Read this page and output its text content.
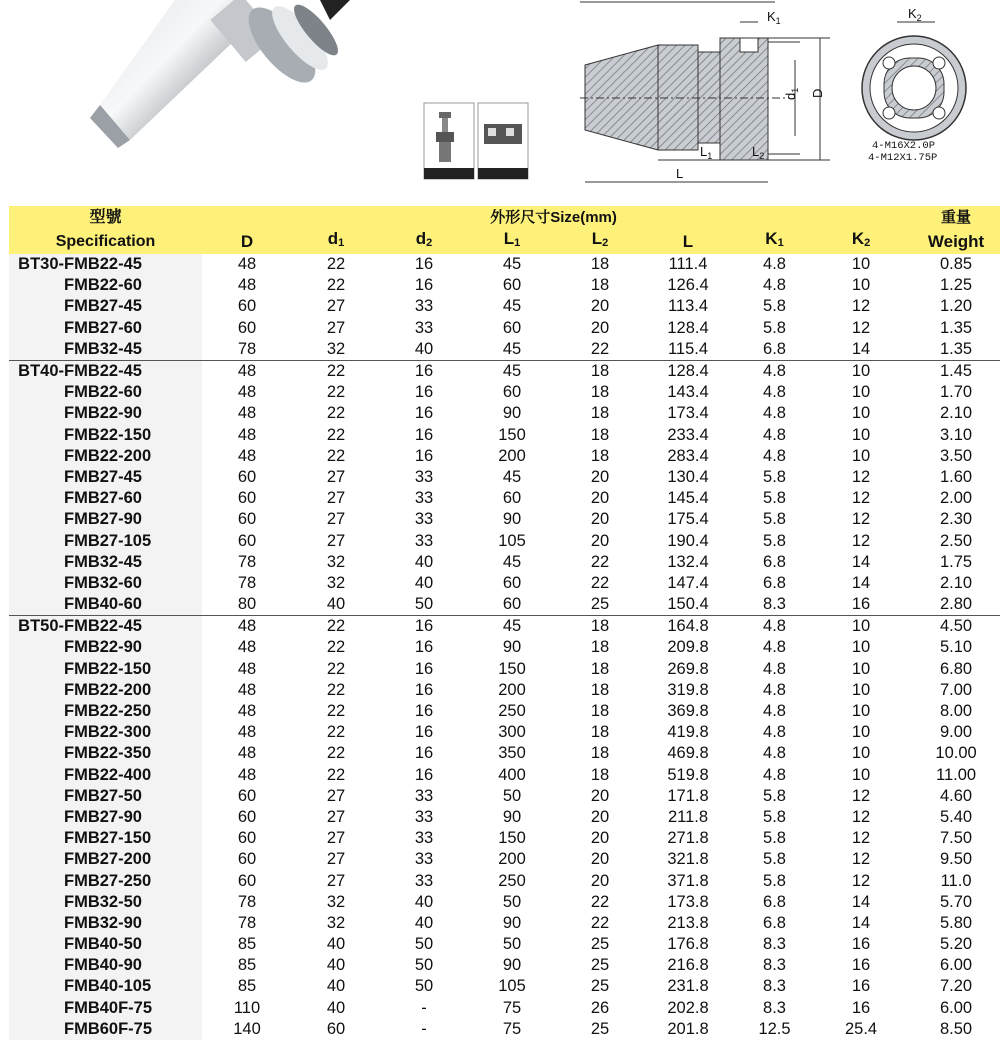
$K_1$
$d_1$ D
$L_1$	$L_2$
L
$K_2$
4-M16X2.0P
4-M12X1.75P
型號	外形尺寸Size(mm)								重量
Specification	D	$d_1$	$d_2$	$L_1$	$L_2$	L	$K_1$	$K_2$	Weight
BT30-FMB22-45	48	22	16	45	18	111.4	4.8	10	0.85
FMB22-60	48	22	16	60	18	126.4	4.8	10	1.25
FMB27-45	60	27	33	45	20	113.4	5.8	12	1.20
FMB27-60	60	27	33	60	20	128.4	5.8	12	1.35
FMB32-45	78	32	40	45	22	115.4	6.8	14	1.35
BT40-FMB22-45	48	22	16	45	18	128.4	4.8	10	1.45
FMB22-60	48	22	16	60	18	143.4	4.8	10	1.70
FMB22-90	48	22	16	90	18	173.4	4.8	10	2.10
FMB22-150	48	22	16	150	18	233.4	4.8	10	3.10
FMB22-200	48	22	16	200	18	283.4	4.8	10	3.50
FMB27-45	60	27	33	45	20	130.4	5.8	12	1.60
FMB27-60	60	27	33	60	20	145.4	5.8	12	2.00
FMB27-90	60	27	33	90	20	175.4	5.8	12	2.30
FMB27-105	60	27	33	105	20	190.4	5.8	12	2.50
FMB32-45	78	32	40	45	22	132.4	6.8	14	1.75
FMB32-60	78	32	40	60	22	147.4	6.8	14	2.10
FMB40-60	80	40	50	60	25	150.4	8.3	16	2.80
BT50-FMB22-45	48	22	16	45	18	164.8	4.8	10	4.50
FMB22-90	48	22	16	90	18	209.8	4.8	10	5.10
FMB22-150	48	22	16	150	18	269.8	4.8	10	6.80
FMB22-200	48	22	16	200	18	319.8	4.8	10	7.00
FMB22-250	48	22	16	250	18	369.8	4.8	10	8.00
FMB22-300	48	22	16	300	18	419.8	4.8	10	9.00
FMB22-350	48	22	16	350	18	469.8	4.8	10	10.00
FMB22-400	48	22	16	400	18	519.8	4.8	10	11.00
FMB27-50	60	27	33	50	20	171.8	5.8	12	4.60
FMB27-90	60	27	33	90	20	211.8	5.8	12	5.40
FMB27-150	60	27	33	150	20	271.8	5.8	12	7.50
FMB27-200	60	27	33	200	20	321.8	5.8	12	9.50
FMB27-250	60	27	33	250	20	371.8	5.8	12	11.0
FMB32-50	78	32	40	50	22	173.8	6.8	14	5.70
FMB32-90	78	32	40	90	22	213.8	6.8	14	5.80
FMB40-50	85	40	50	50	25	176.8	8.3	16	5.20
FMB40-90	85	40	50	90	25	216.8	8.3	16	6.00
FMB40-105	85	40	50	105	25	231.8	8.3	16	7.20
FMB40F-75	110	40	-	75	26	202.8	8.3	16	6.00
FMB60F-75	140	60	-	75	25	201.8	12.5	25.4	8.50
